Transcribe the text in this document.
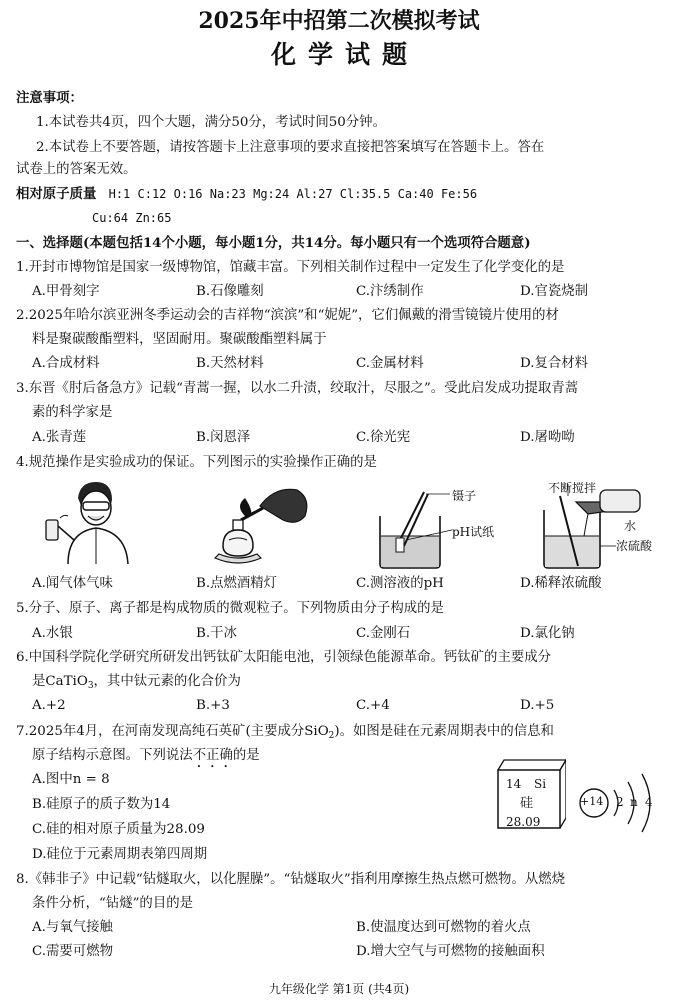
2025年中招第二次模拟考试
化学试题
注意事项：
1.本试卷共4页，四个大题，满分50分，考试时间50分钟。
2.本试卷上不要答题，请按答题卡上注意事项的要求直接把答案填写在答题卡上。答在
试卷上的答案无效。
相对原子质量 H:1 C:12 O:16 Na:23 Mg:24 Al:27 Cl:35.5 Ca:40 Fe:56
Cu:64 Zn:65
一、选择题(本题包括14个小题，每小题1分，共14分。每小题只有一个选项符合题意)
1.开封市博物馆是国家一级博物馆，馆藏丰富。下列相关制作过程中一定发生了化学变化的是
A.甲骨刻字	B.石像雕刻	C.汴绣制作	D.官瓷烧制
2.2025年哈尔滨亚洲冬季运动会的吉祥物“滨滨”和“妮妮”，它们佩戴的滑雪镜镜片使用的材
料是聚碳酸酯塑料，坚固耐用。聚碳酸酯塑料属于
A.合成材料	B.天然材料	C.金属材料	D.复合材料
3.东晋《肘后备急方》记载“青蒿一握，以水二升渍，绞取汁，尽服之”。受此启发成功提取青蒿
素的科学家是
A.张青莲	B.闵恩泽	C.徐光宪	D.屠呦呦
4.规范操作是实验成功的保证。下列图示的实验操作正确的是
镊子
pH试纸
不断搅拌
水
浓硫酸
A.闻气体气味	B.点燃酒精灯	C.测溶液的pH	D.稀释浓硫酸
5.分子、原子、离子都是构成物质的微观粒子。下列物质由分子构成的是
A.水银	B.干冰	C.金刚石	D.氯化钠
6.中国科学院化学研究所研发出钙钛矿太阳能电池，引领绿色能源革命。钙钛矿的主要成分
是CaTiO$_3$，其中钛元素的化合价为
A.+2	B.+3	C.+4	D.+5
7.2025年4月，在河南发现高纯石英矿(主要成分SiO$_2$)。如图是硅在元素周期表中的信息和
原子结构示意图。下列说法不正确的是
A.图中n = 8
B.硅原子的质子数为14
C.硅的相对原子质量为28.09
D.硅位于元素周期表第四周期
14 Si
硅
28.09
+14 2 n 4
8.《韩非子》中记载“钻燧取火，以化腥臊”。“钻燧取火”指利用摩擦生热点燃可燃物。从燃烧
条件分析，“钻燧”的目的是
A.与氧气接触	B.使温度达到可燃物的着火点
C.需要可燃物	D.增大空气与可燃物的接触面积
九年级化学 第1页 (共4页)
